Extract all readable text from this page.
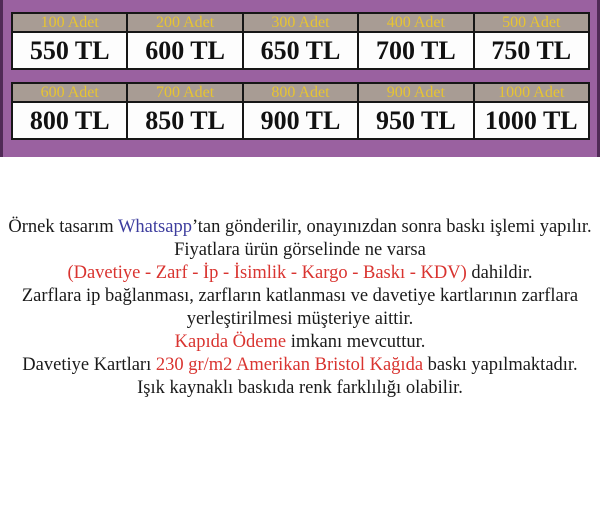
100 Adet	200 Adet	300 Adet	400 Adet	500 Adet
550 TL	600 TL	650 TL	700 TL	750 TL
600 Adet	700 Adet	800 Adet	900 Adet	1000 Adet
800 TL	850 TL	900 TL	950 TL	1000 TL

Örnek tasarım Whatsapp’tan gönderilir, onayınızdan sonra baskı işlemi yapılır.

Fiyatlara ürün görselinde ne varsa
(Davetiye - Zarf - İp - İsimlik - Kargo - Baskı - KDV) dahildir.

Zarflara ip bağlanması, zarfların katlanması ve davetiye kartlarının zarflara
yerleştirilmesi müşteriye aittir.

Kapıda Ödeme imkanı mevcuttur.

Davetiye Kartları 230 gr/m2 Amerikan Bristol Kağıda baskı yapılmaktadır.
Işık kaynaklı baskıda renk farklılığı olabilir.
